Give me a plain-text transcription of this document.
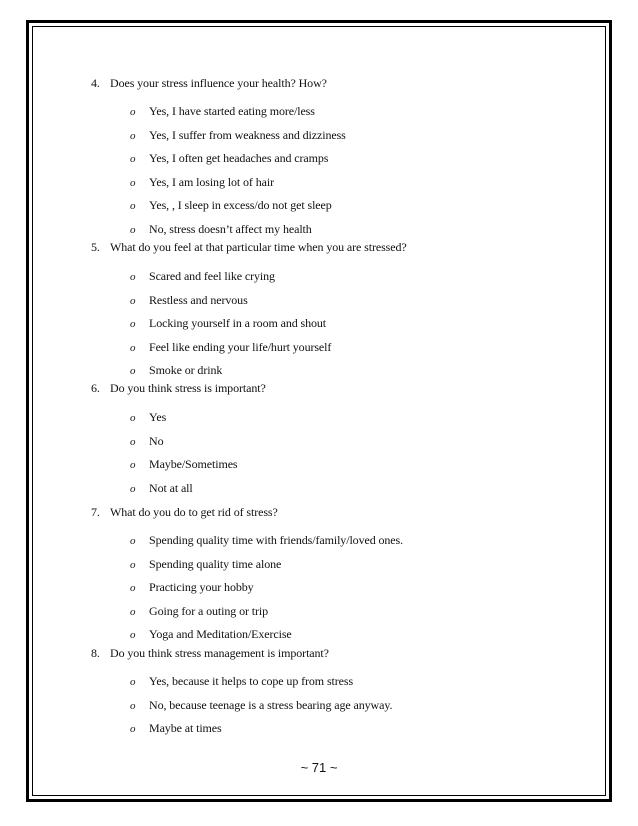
4. Does your stress influence your health? How?
o Yes, I have started eating more/less
o Yes, I suffer from weakness and dizziness
o Yes, I often get headaches and cramps
o Yes, I am losing lot of hair
o Yes, , I sleep in excess/do not get sleep
o No, stress doesn’t affect my health
5. What do you feel at that particular time when you are stressed?
o Scared and feel like crying
o Restless and nervous
o Locking yourself in a room and shout
o Feel like ending your life/hurt yourself
o Smoke or drink
6. Do you think stress is important?
o Yes
o No
o Maybe/Sometimes
o Not at all
7. What do you do to get rid of stress?
o Spending quality time with friends/family/loved ones.
o Spending quality time alone
o Practicing your hobby
o Going for a outing or trip
o Yoga and Meditation/Exercise
8. Do you think stress management is important?
o Yes, because it helps to cope up from stress
o No, because teenage is a stress bearing age anyway.
o Maybe at times
~ 71 ~
